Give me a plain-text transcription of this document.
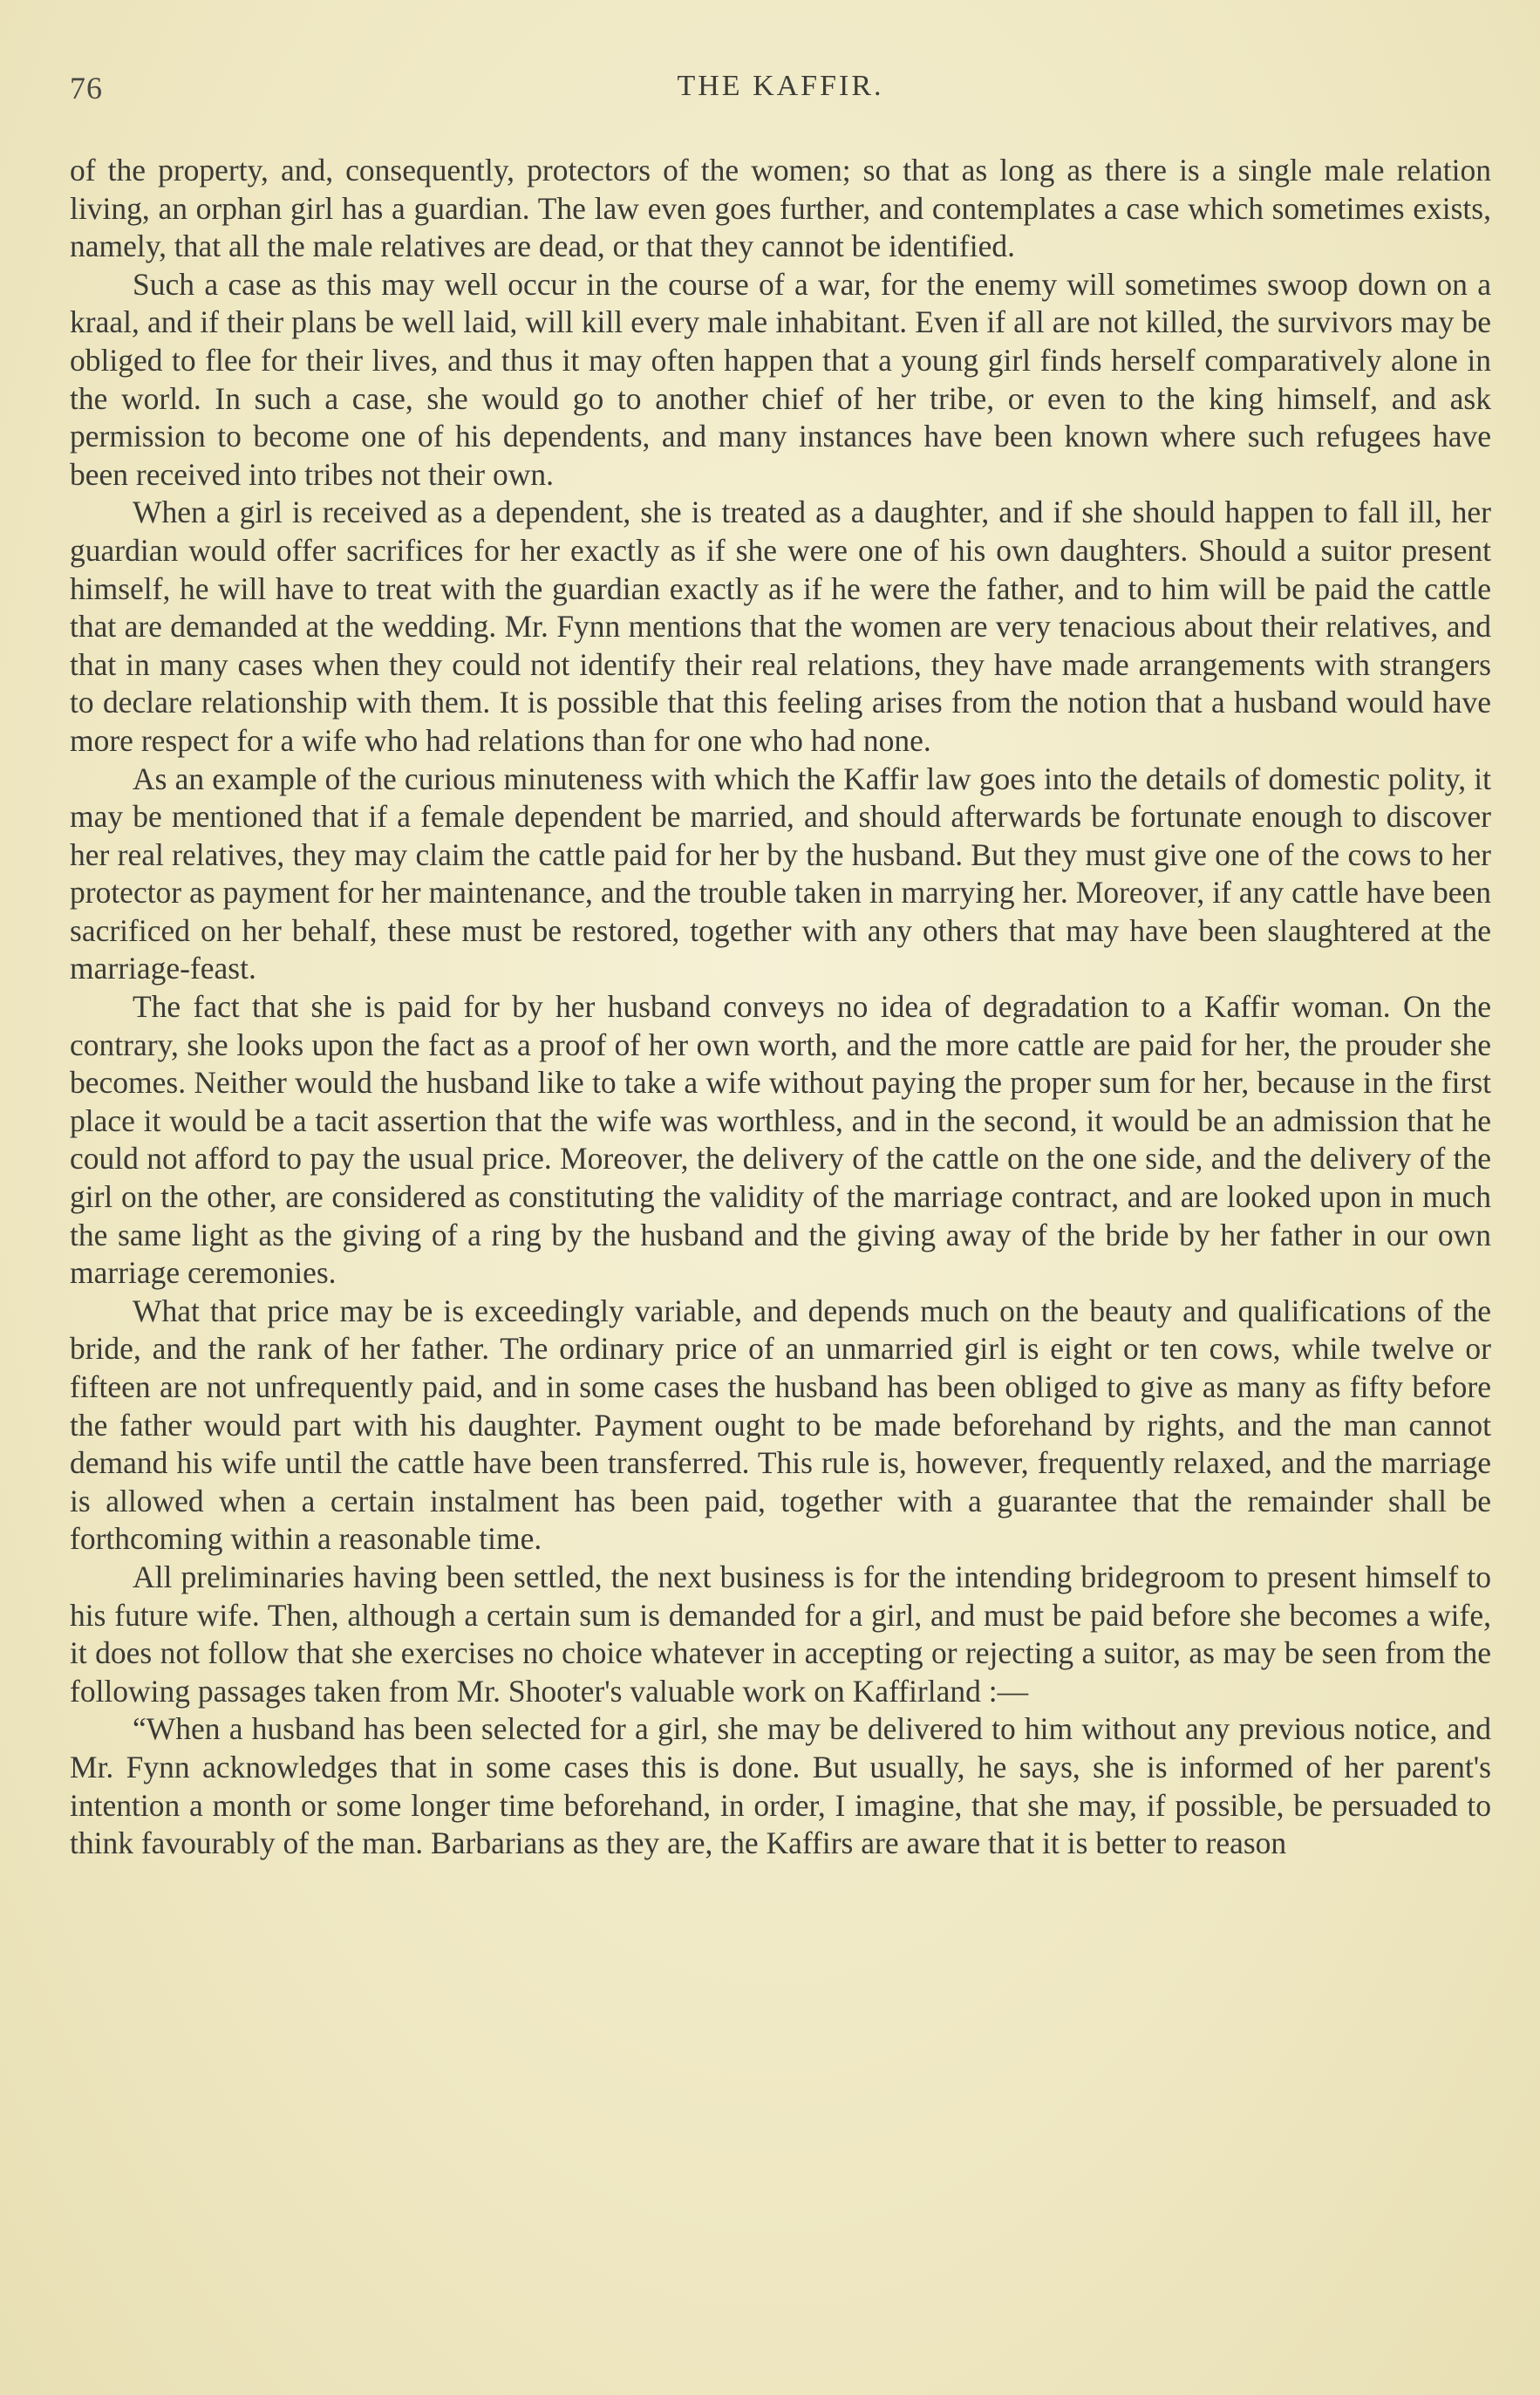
76	THE KAFFIR.

of the property, and, consequently, protectors of the women; so that as long as there is a single male relation living, an orphan girl has a guardian. The law even goes further, and contemplates a case which sometimes exists, namely, that all the male relatives are dead, or that they cannot be identified.

Such a case as this may well occur in the course of a war, for the enemy will sometimes swoop down on a kraal, and if their plans be well laid, will kill every male inhabitant. Even if all are not killed, the survivors may be obliged to flee for their lives, and thus it may often happen that a young girl finds herself comparatively alone in the world. In such a case, she would go to another chief of her tribe, or even to the king himself, and ask permission to become one of his dependents, and many instances have been known where such refugees have been received into tribes not their own.

When a girl is received as a dependent, she is treated as a daughter, and if she should happen to fall ill, her guardian would offer sacrifices for her exactly as if she were one of his own daughters. Should a suitor present himself, he will have to treat with the guardian exactly as if he were the father, and to him will be paid the cattle that are demanded at the wedding. Mr. Fynn mentions that the women are very tenacious about their relatives, and that in many cases when they could not identify their real relations, they have made arrangements with strangers to declare relationship with them. It is possible that this feeling arises from the notion that a husband would have more respect for a wife who had relations than for one who had none.

As an example of the curious minuteness with which the Kaffir law goes into the details of domestic polity, it may be mentioned that if a female dependent be married, and should afterwards be fortunate enough to discover her real relatives, they may claim the cattle paid for her by the husband. But they must give one of the cows to her protector as payment for her maintenance, and the trouble taken in marrying her. Moreover, if any cattle have been sacrificed on her behalf, these must be restored, together with any others that may have been slaughtered at the marriage-feast.

The fact that she is paid for by her husband conveys no idea of degradation to a Kaffir woman. On the contrary, she looks upon the fact as a proof of her own worth, and the more cattle are paid for her, the prouder she becomes. Neither would the husband like to take a wife without paying the proper sum for her, because in the first place it would be a tacit assertion that the wife was worthless, and in the second, it would be an admission that he could not afford to pay the usual price. Moreover, the delivery of the cattle on the one side, and the delivery of the girl on the other, are considered as constituting the validity of the marriage contract, and are looked upon in much the same light as the giving of a ring by the husband and the giving away of the bride by her father in our own marriage ceremonies.

What that price may be is exceedingly variable, and depends much on the beauty and qualifications of the bride, and the rank of her father. The ordinary price of an unmarried girl is eight or ten cows, while twelve or fifteen are not unfrequently paid, and in some cases the husband has been obliged to give as many as fifty before the father would part with his daughter. Payment ought to be made beforehand by rights, and the man cannot demand his wife until the cattle have been transferred. This rule is, however, frequently relaxed, and the marriage is allowed when a certain instalment has been paid, together with a guarantee that the remainder shall be forthcoming within a reasonable time.

All preliminaries having been settled, the next business is for the intending bridegroom to present himself to his future wife. Then, although a certain sum is demanded for a girl, and must be paid before she becomes a wife, it does not follow that she exercises no choice whatever in accepting or rejecting a suitor, as may be seen from the following passages taken from Mr. Shooter's valuable work on Kaffirland :—

“When a husband has been selected for a girl, she may be delivered to him without any previous notice, and Mr. Fynn acknowledges that in some cases this is done. But usually, he says, she is informed of her parent's intention a month or some longer time beforehand, in order, I imagine, that she may, if possible, be persuaded to think favourably of the man. Barbarians as they are, the Kaffirs are aware that it is better to reason
